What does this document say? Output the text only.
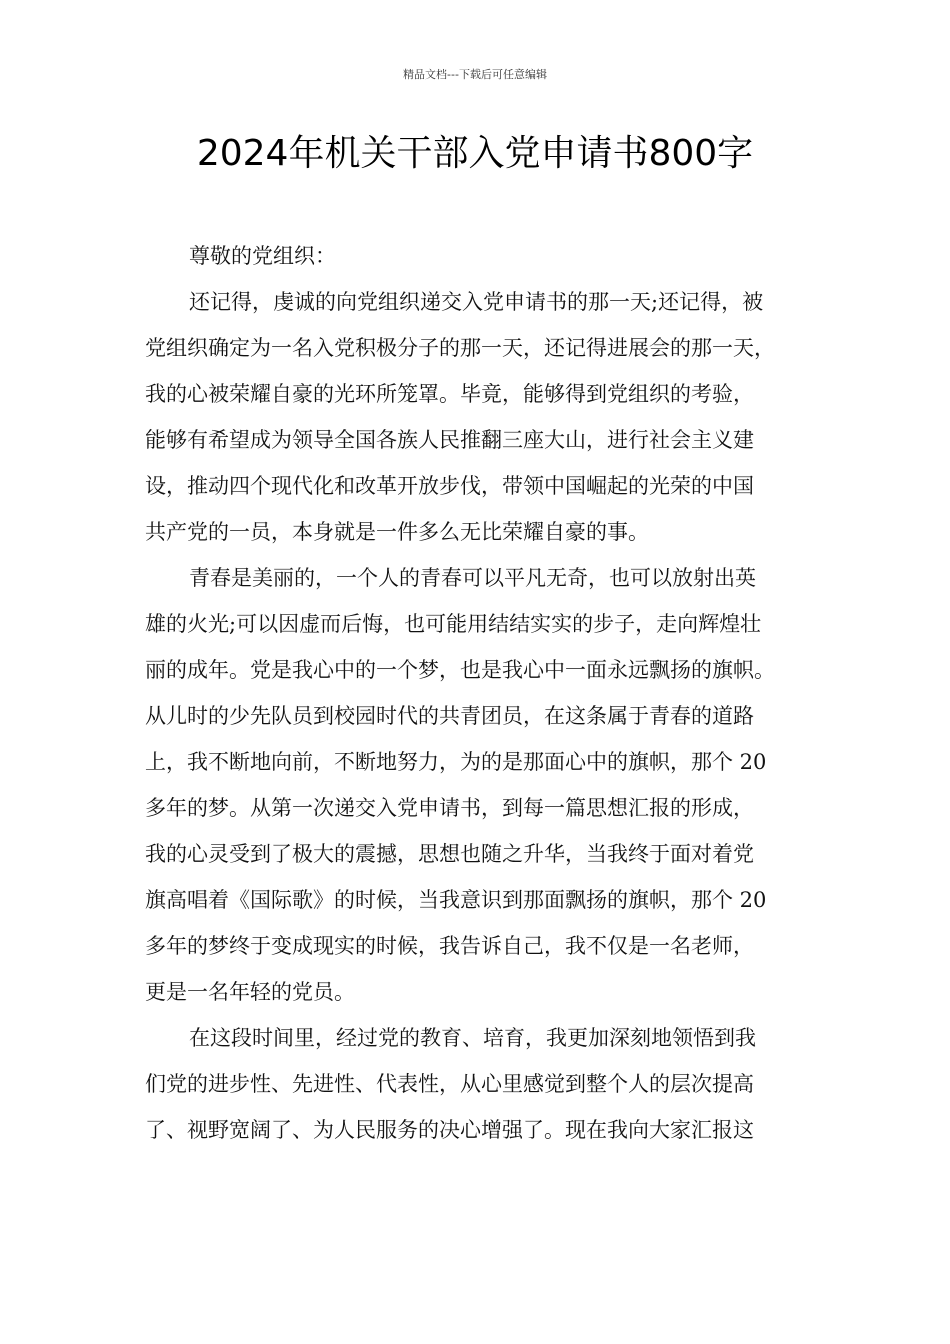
精品文档---下载后可任意编辑
2024年机关干部入党申请书800字
尊敬的党组织：
还记得，虔诚的向党组织递交入党申请书的那一天;还记得，被
党组织确定为一名入党积极分子的那一天，还记得进展会的那一天，
我的心被荣耀自豪的光环所笼罩。毕竟，能够得到党组织的考验，
能够有希望成为领导全国各族人民推翻三座大山，进行社会主义建
设，推动四个现代化和改革开放步伐，带领中国崛起的光荣的中国
共产党的一员，本身就是一件多么无比荣耀自豪的事。
青春是美丽的，一个人的青春可以平凡无奇，也可以放射出英
雄的火光;可以因虚而后悔，也可能用结结实实的步子，走向辉煌壮
丽的成年。党是我心中的一个梦，也是我心中一面永远飘扬的旗帜。
从儿时的少先队员到校园时代的共青团员，在这条属于青春的道路
上，我不断地向前，不断地努力，为的是那面心中的旗帜，那个 20
多年的梦。从第一次递交入党申请书，到每一篇思想汇报的形成，
我的心灵受到了极大的震撼，思想也随之升华，当我终于面对着党
旗高唱着《国际歌》的时候，当我意识到那面飘扬的旗帜，那个 20
多年的梦终于变成现实的时候，我告诉自己，我不仅是一名老师，
更是一名年轻的党员。
在这段时间里，经过党的教育、培育，我更加深刻地领悟到我
们党的进步性、先进性、代表性，从心里感觉到整个人的层次提高
了、视野宽阔了、为人民服务的决心增强了。现在我向大家汇报这
